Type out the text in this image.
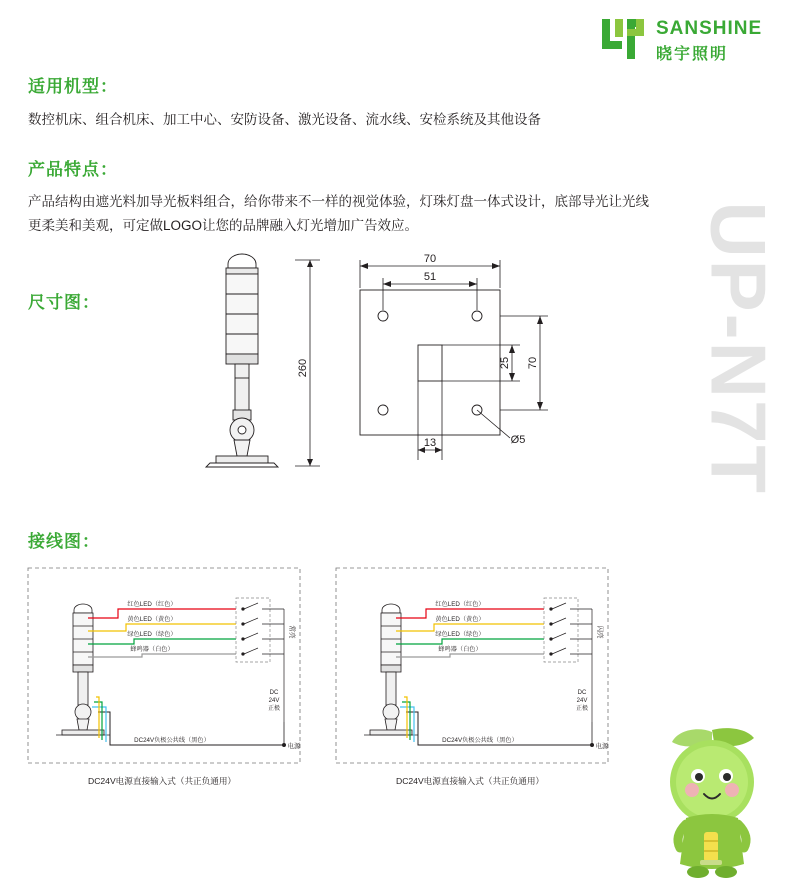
SANSHINE
晓宇照明
适用机型：
数控机床、组合机床、加工中心、安防设备、激光设备、流水线、安检系统及其他设备
产品特点：
产品结构由遮光料加导光板料组合，给你带来不一样的视觉体验，灯珠灯盘一体式设计，底部导光让光线
更柔美和美观，可定做LOGO让您的品牌融入灯光增加广告效应。
尺寸图：
260
70
51
25 70
13	Ø5
接线图：
UP-N7T
红色LED（红色）
黄色LED（黄色）
绿色LED（绿色）
蜂鸣器（白色）
常亮
DC
24V
正极
DC24V负极公共线（黑色）
电源
DC24V电源直接输入式（共正负通用）
红色LED（红色）
黄色LED（黄色）
绿色LED（绿色）
蜂鸣器（白色）
闪亮
DC
24V
正极
DC24V负极公共线（黑色）
电源
DC24V电源直接输入式（共正负通用）
